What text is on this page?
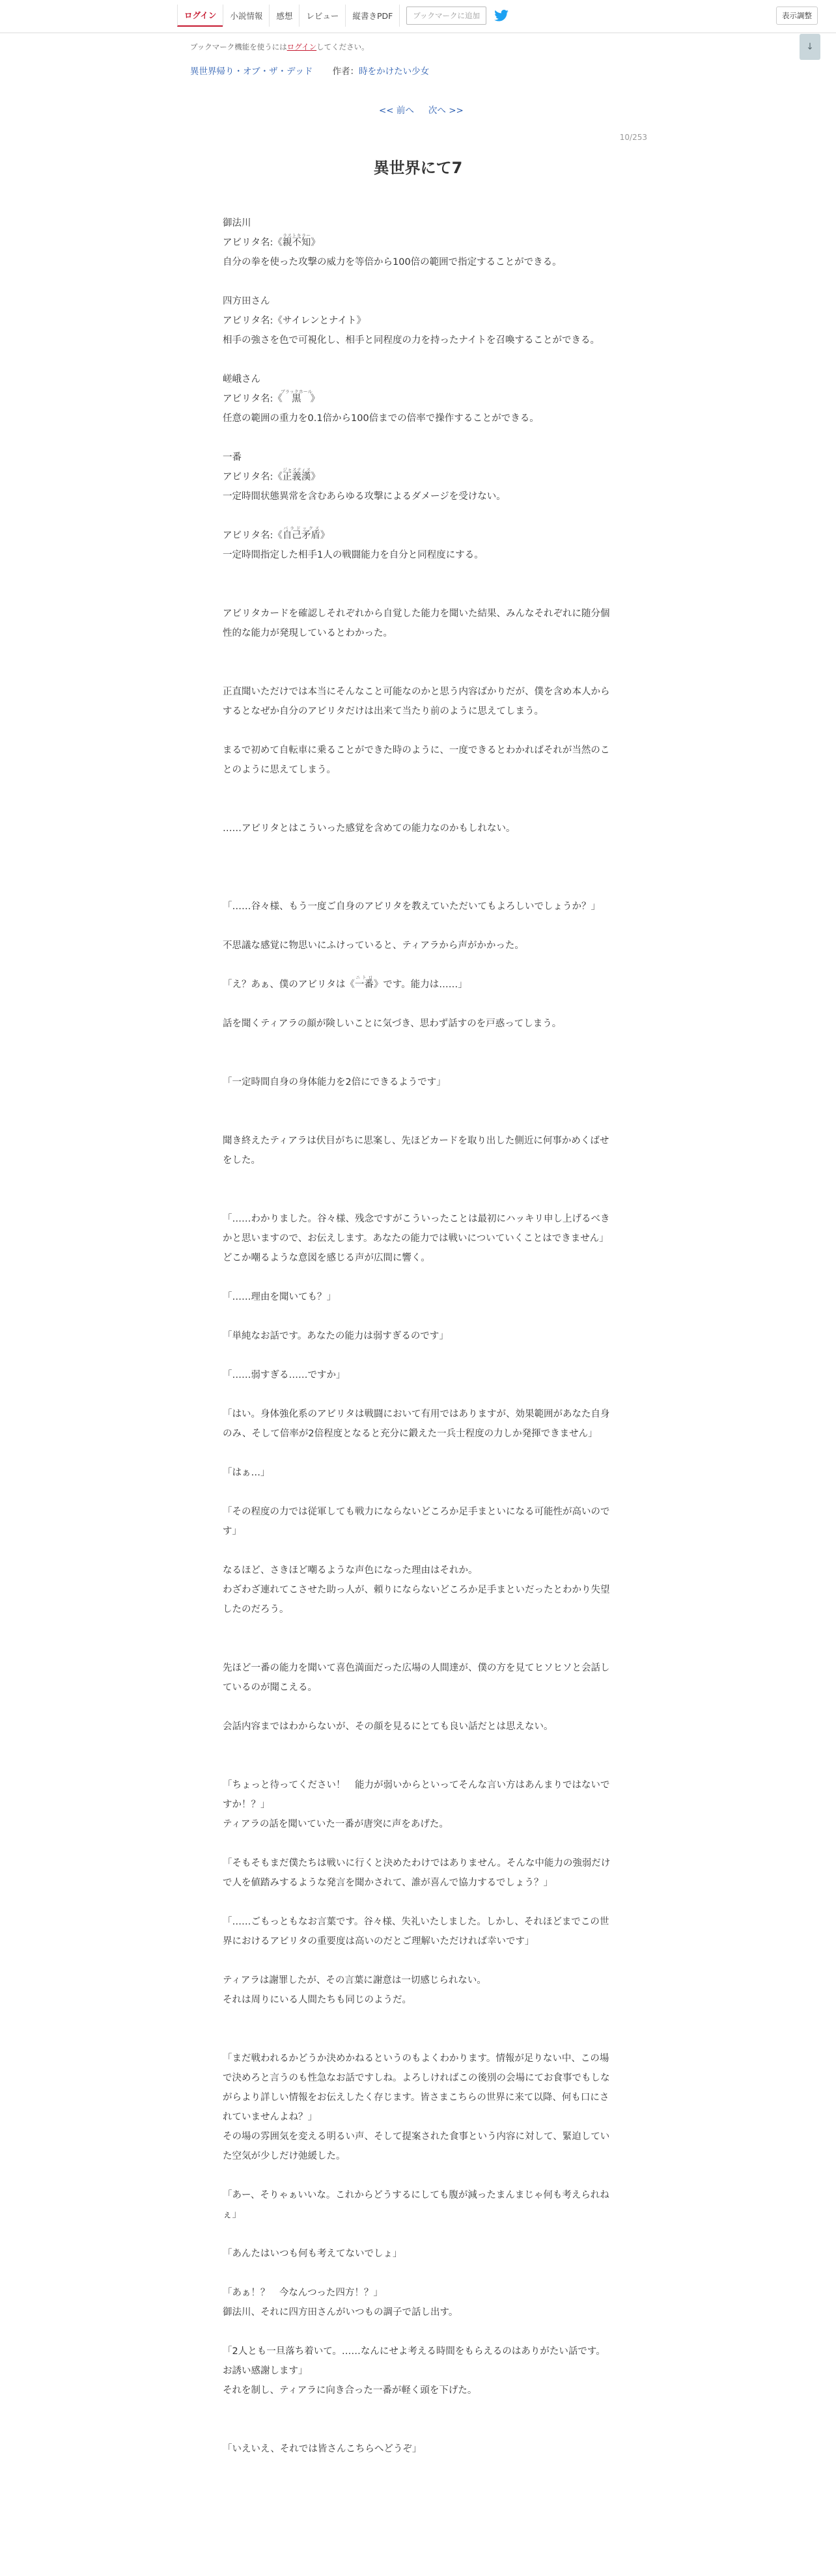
ログイン	小説情報	感想	レビュー	縦書きPDF	ブックマークに追加	表示調整
↓
ブックマーク機能を使うにはログインしてください。
異世界帰り・オブ・ザ・デッド 作者：時をかけたい少女
<< 前へ 次へ >>
10/253
異世界にて7

御法川

アビリタ名:《親不知ラストキラー》

自分の拳を使った攻撃の威力を等倍から100倍の範囲で指定することができる。

四方田さん

アビリタ名:《サイレンとナイト》

相手の強さを色で可視化し、相手と同程度の力を持ったナイトを召喚することができる。

嵯峨さん

アビリタ名:《 黒 ブラックホール》

任意の範囲の重力を0.1倍から100倍までの倍率で操作することができる。

一番

アビリタ名:《正義漢ジャスティス》

一定時間状態異常を含むあらゆる攻撃によるダメージを受けない。

アビリタ名:《自己矛盾パラドックス》

一定時間指定した相手1人の戦闘能力を自分と同程度にする。

アビリタカードを確認しそれぞれから自覚した能力を聞いた結果、みんなそれぞれに随分個性的な能力が発現しているとわかった。

正直聞いただけでは本当にそんなこと可能なのかと思う内容ばかりだが、僕を含め本人からするとなぜか自分のアビリタだけは出来て当たり前のように思えてしまう。

まるで初めて自転車に乗ることができた時のように、一度できるとわかればそれが当然のことのように思えてしまう。

……アビリタとはこういった感覚を含めての能力なのかもしれない。

「……谷々様、もう一度ご自身のアビリタを教えていただいてもよろしいでしょうか？」

不思議な感覚に物思いにふけっていると、ティアラから声がかかった。

「え？あぁ、僕のアビリタは《一番ニトロ》です。能力は……」

話を聞くティアラの顔が険しいことに気づき、思わず話すのを戸惑ってしまう。

「一定時間自身の身体能力を2倍にできるようです」

聞き終えたティアラは伏目がちに思案し、先ほどカードを取り出した側近に何事かめくばせをした。

「……わかりました。谷々様、残念ですがこういったことは最初にハッキリ申し上げるべきかと思いますので、お伝えします。あなたの能力では戦いについていくことはできません」

どこか嘲るような意図を感じる声が広間に響く。

「……理由を聞いても？」

「単純なお話です。あなたの能力は弱すぎるのです」

「……弱すぎる……ですか」

「はい。身体強化系のアビリタは戦闘において有用ではありますが、効果範囲があなた自身のみ、そして倍率が2倍程度となると充分に鍛えた一兵士程度の力しか発揮できません」

「はぁ…」

「その程度の力では従軍しても戦力にならないどころか足手まといになる可能性が高いのです」

なるほど、さきほど嘲るような声色になった理由はそれか。

わざわざ連れてこさせた助っ人が、頼りにならないどころか足手まといだったとわかり失望したのだろう。

先ほど一番の能力を聞いて喜色満面だった広場の人間達が、僕の方を見てヒソヒソと会話しているのが聞こえる。

会話内容まではわからないが、その顔を見るにとても良い話だとは思えない。

「ちょっと待ってください！　能力が弱いからといってそんな言い方はあんまりではないですか！？」

ティアラの話を聞いていた一番が唐突に声をあげた。

「そもそもまだ僕たちは戦いに行くと決めたわけではありません。そんな中能力の強弱だけで人を値踏みするような発言を聞かされて、誰が喜んで協力するでしょう？」

「……ごもっともなお言葉です。谷々様、失礼いたしました。しかし、それほどまでこの世界におけるアビリタの重要度は高いのだとご理解いただければ幸いです」

ティアラは謝罪したが、その言葉に謝意は一切感じられない。

それは周りにいる人間たちも同じのようだ。

「まだ戦われるかどうか決めかねるというのもよくわかります。情報が足りない中、この場で決めろと言うのも性急なお話ですしね。よろしければこの後別の会場にてお食事でもしながらより詳しい情報をお伝えしたく存じます。皆さまこちらの世界に来て以降、何も口にされていませんよね？」

その場の雰囲気を変える明るい声、そして提案された食事という内容に対して、緊迫していた空気が少しだけ弛緩した。

「あー、そりゃぁいいな。これからどうするにしても腹が減ったまんまじゃ何も考えられねぇ」

「あんたはいつも何も考えてないでしょ」

「あぁ！？　今なんつった四方！？」

御法川、それに四方田さんがいつもの調子で話し出す。

「2人とも一旦落ち着いて。……なんにせよ考える時間をもらえるのはありがたい話です。お誘い感謝します」

それを制し、ティアラに向き合った一番が軽く頭を下げた。

「いえいえ、それでは皆さんこちらへどうぞ」
